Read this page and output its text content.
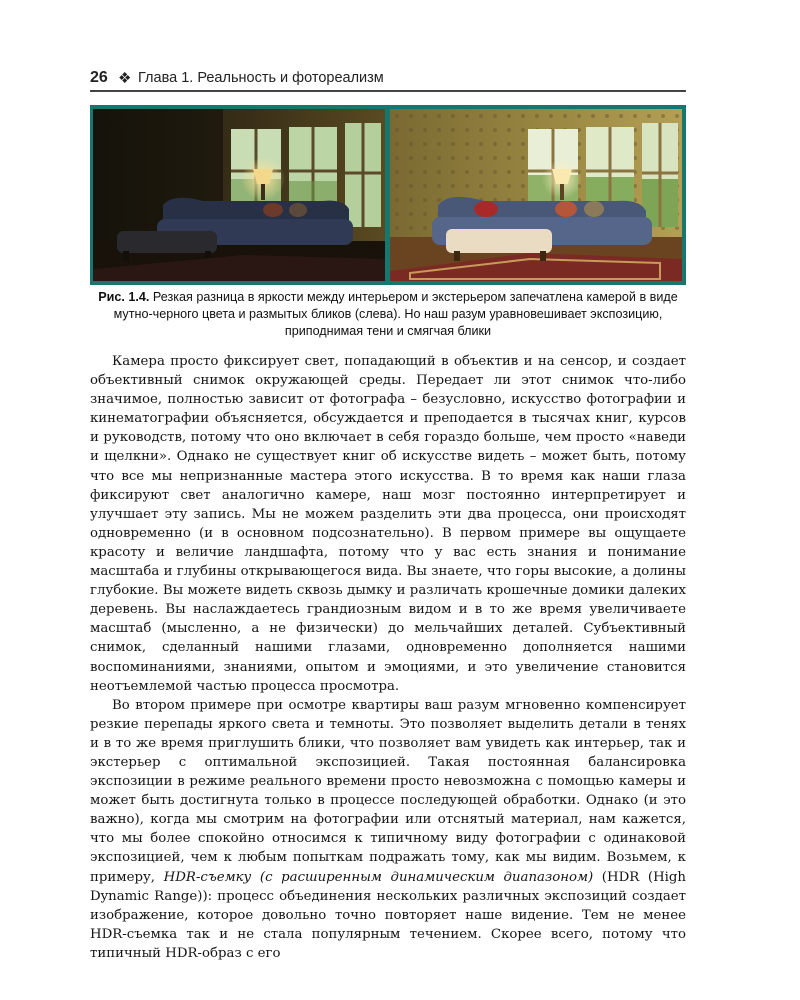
26 ❖ Глава 1. Реальность и фотореализм
Рис. 1.4. Резкая разница в яркости между интерьером и экстерьером запечатлена камерой в виде мутно-черного цвета и размытых бликов (слева). Но наш разум уравновешивает экспозицию, приподнимая тени и смягчая блики

Камера просто фиксирует свет, попадающий в объектив и на сенсор, и создает объективный снимок окружающей среды. Передает ли этот снимок что-либо значимое, полностью зависит от фотографа – безусловно, искусство фотографии и кинематографии объясняется, обсуждается и преподается в тысячах книг, курсов и руководств, потому что оно включает в себя гораздо больше, чем просто «наведи и щелкни». Однако не существует книг об искусстве видеть – может быть, потому что все мы непризнанные мастера этого искусства. В то время как наши глаза фиксируют свет аналогично камере, наш мозг постоянно интерпретирует и улучшает эту запись. Мы не можем разделить эти два процесса, они происходят одновременно (и в основном подсознательно). В первом примере вы ощущаете красоту и величие ландшафта, потому что у вас есть знания и понимание масштаба и глубины открывающегося вида. Вы знаете, что горы высокие, а долины глубокие. Вы можете видеть сквозь дымку и различать крошечные домики далеких деревень. Вы наслаждаетесь грандиозным видом и в то же время увеличиваете масштаб (мысленно, а не физически) до мельчайших деталей. Субъективный снимок, сделанный нашими глазами, одновременно дополняется нашими воспоминаниями, знаниями, опытом и эмоциями, и это увеличение становится неотъемлемой частью процесса просмотра.

Во втором примере при осмотре квартиры ваш разум мгновенно компенсирует резкие перепады яркого света и темноты. Это позволяет выделить детали в тенях и в то же время приглушить блики, что позволяет вам увидеть как интерьер, так и экстерьер с оптимальной экспозицией. Такая постоянная балансировка экспозиции в режиме реального времени просто невозможна с помощью камеры и может быть достигнута только в процессе последующей обработки. Однако (и это важно), когда мы смотрим на фотографии или отснятый материал, нам кажется, что мы более спокойно относимся к типичному виду фотографии с одинаковой экспозицией, чем к любым попыткам подражать тому, как мы видим. Возьмем, к примеру, HDR-съемку (с расширенным динамическим диапазоном) (HDR (High Dynamic Range)): процесс объединения нескольких различных экспозиций создает изображение, которое довольно точно повторяет наше видение. Тем не менее HDR-съемка так и не стала популярным течением. Скорее всего, потому что типичный HDR-образ с его
